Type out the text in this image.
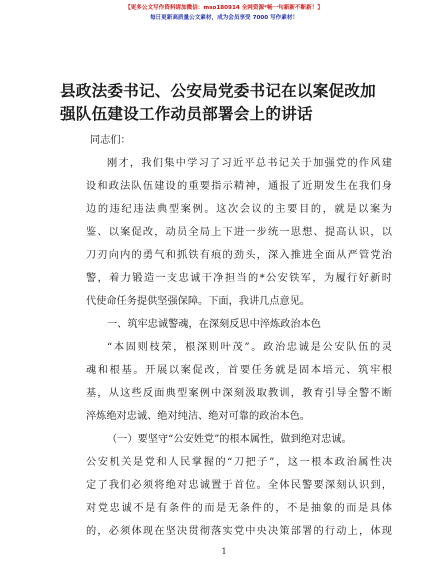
【更多公文写作资料请加微信：mso180914 全网资源*畅一句新新不断新！】
每日更新高质量公文素材，成为会员享受 7000 写作素材！
县政法委书记、公安局党委书记在以案促改加
强队伍建设工作动员部署会上的讲话
同志们：
刚才，我们集中学习了习近平总书记关于加强党的作风建
设和政法队伍建设的重要指示精神，通报了近期发生在我们身
边的违纪违法典型案例。这次会议的主要目的，就是以案为
鉴、以案促改，动员全局上下进一步统一思想、提高认识，以
刀刃向内的勇气和抓铁有痕的劲头，深入推进全面从严管党治
警，着力锻造一支忠诚干净担当的*公安铁军，为履行好新时
代使命任务提供坚强保障。下面，我讲几点意见。
一、筑牢忠诚警魂，在深刻反思中淬炼政治本色
“本固则枝荣，根深则叶茂”。政治忠诚是公安队伍的灵
魂和根基。开展以案促改，首要任务就是固本培元、筑牢根
基，从这些反面典型案例中深刻汲取教训，教育引导全警不断
淬炼绝对忠诚、绝对纯洁、绝对可靠的政治本色。
（一）要坚守“公安姓党”的根本属性，做到绝对忠诚。
公安机关是党和人民掌握的“刀把子”，这一根本政治属性决
定了我们必须将绝对忠诚置于首位。全体民警要深刻认识到，
对党忠诚不是有条件的而是无条件的，不是抽象的而是具体
的，必须体现在坚决贯彻落实党中央决策部署的行动上，体现
1
